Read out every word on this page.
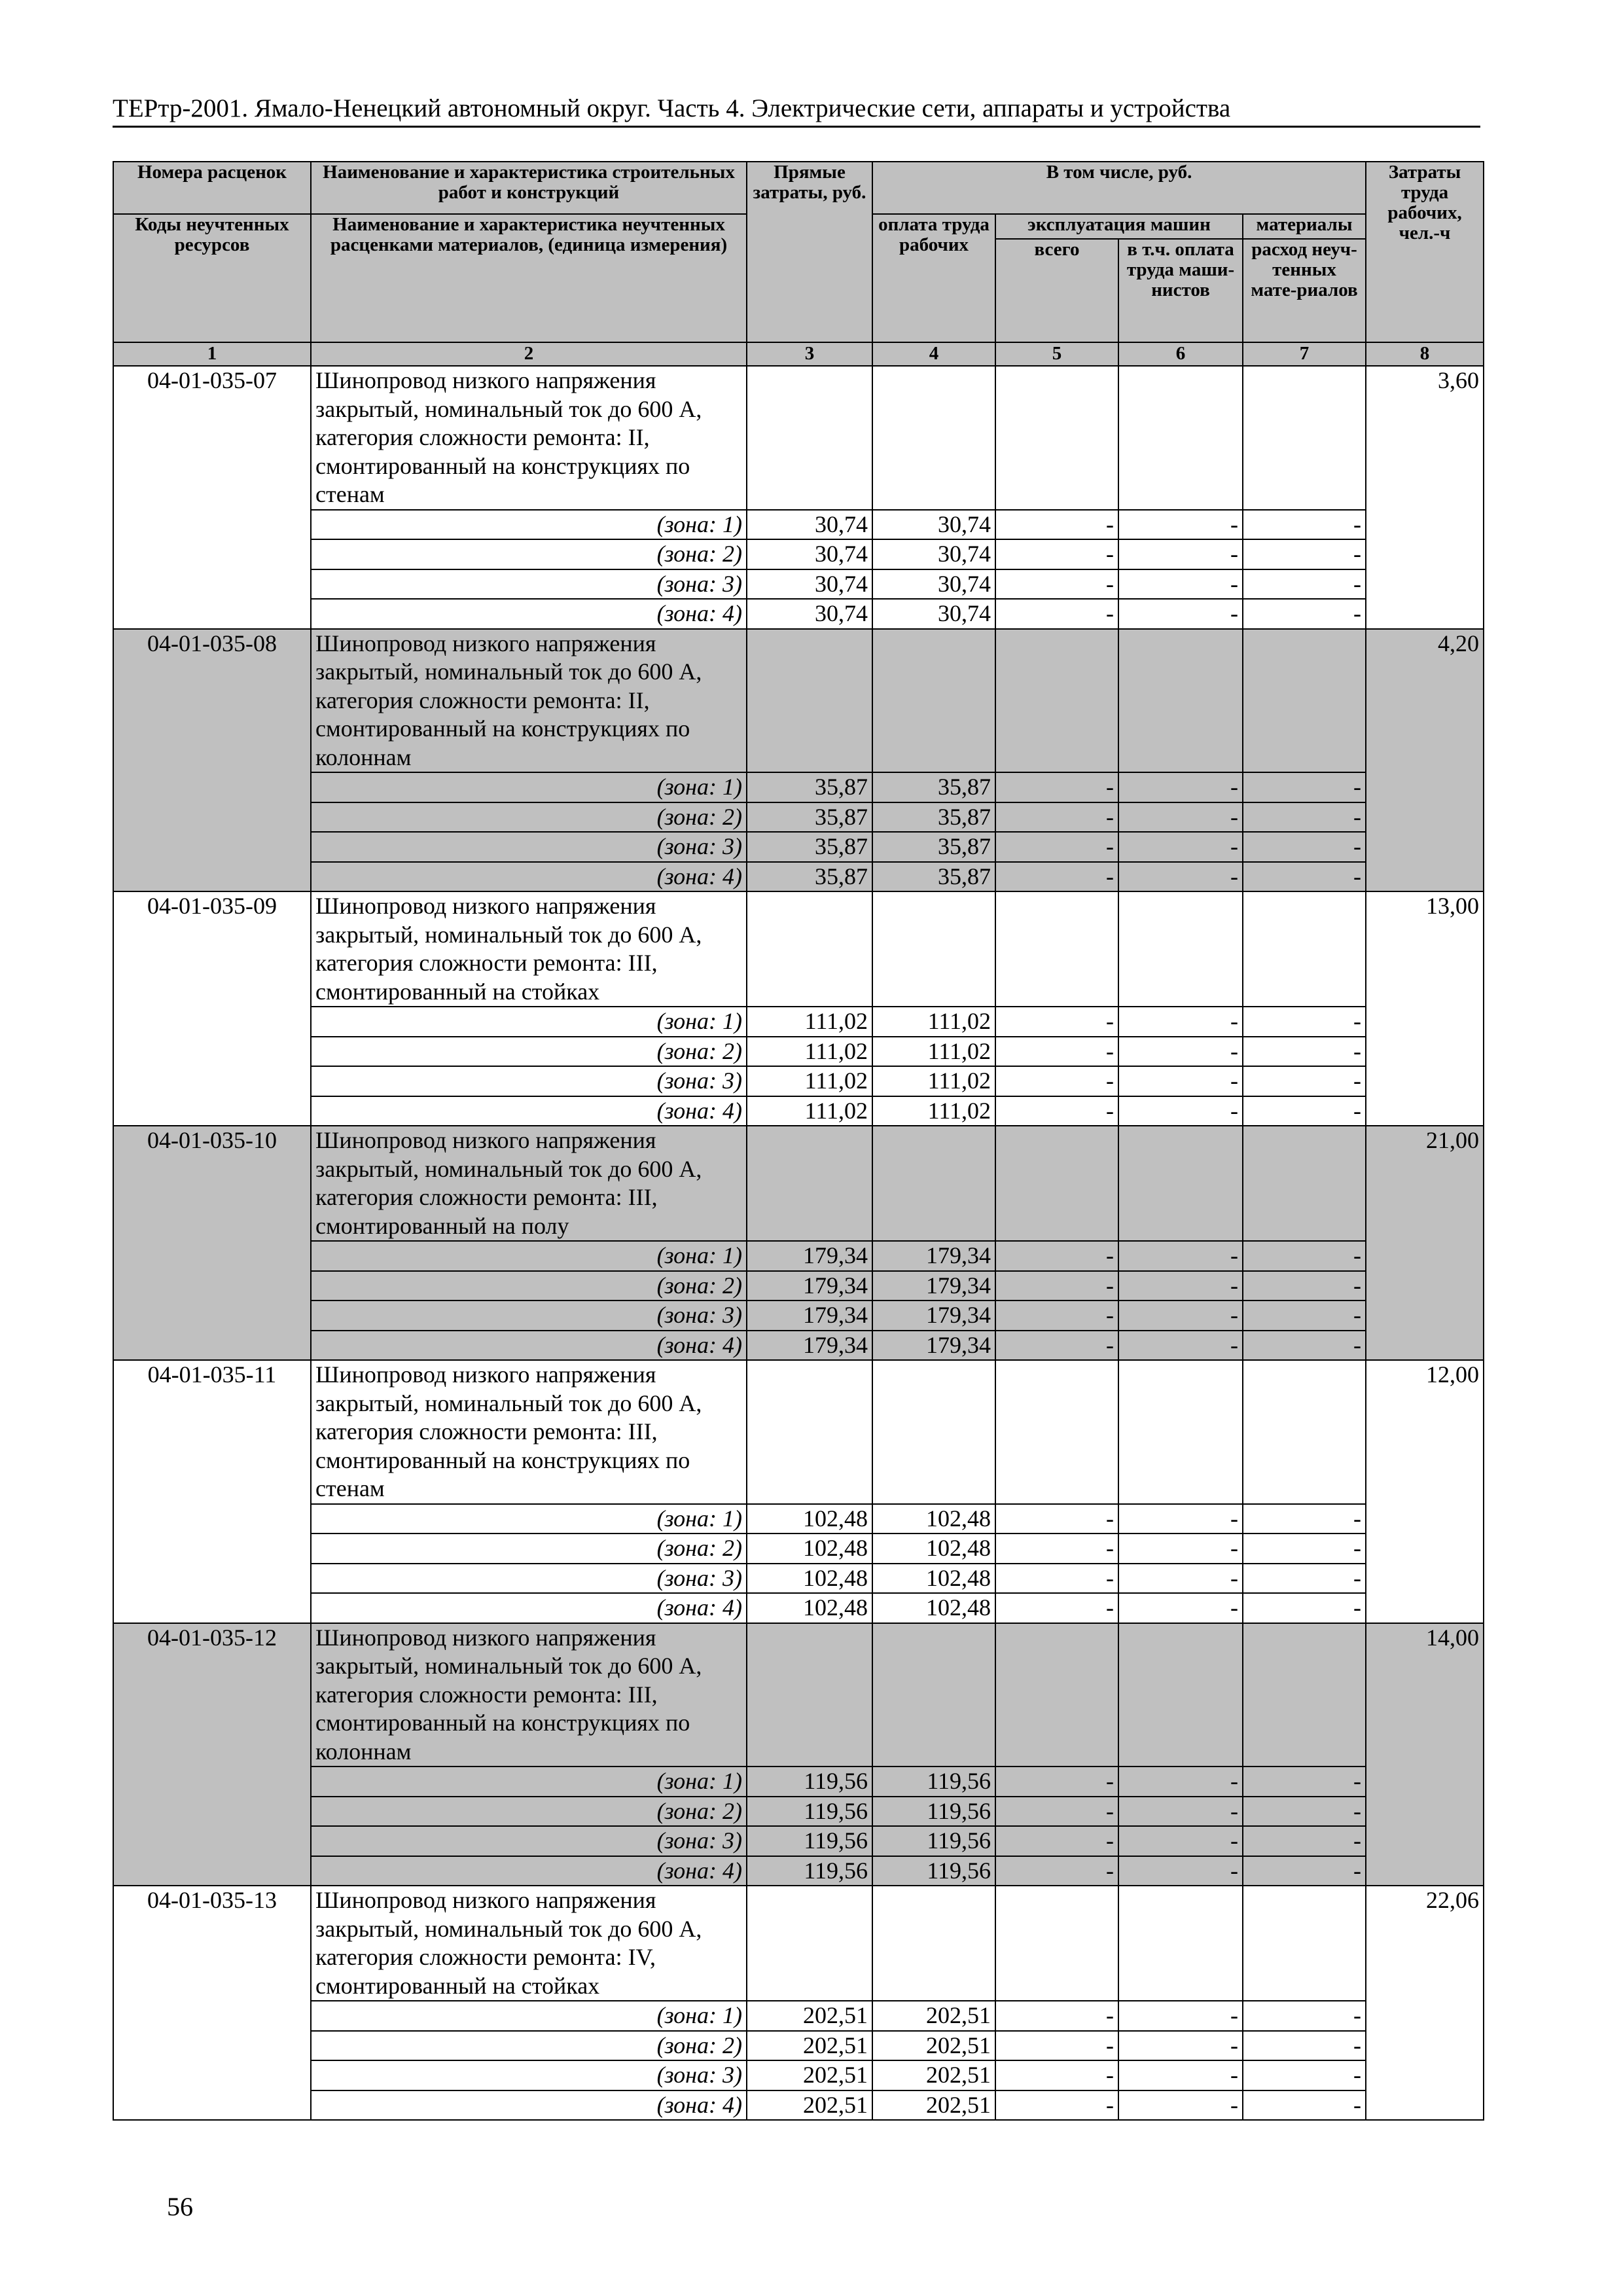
ТЕРтр-2001. Ямало-Ненецкий автономный округ. Часть 4. Электрические сети, аппараты и устройства
Номера расценок	Наименование и характеристика строительных работ и конструкций	Прямые затраты, руб.	В том числе, руб.				Затраты труда рабочих, чел.-ч
Коды неучтенных ресурсов	Наименование и характеристика неучтенных расценками материалов, (единица измерения)		оплата труда рабочих	эксплуатация машин		материалы	
				всего	в т.ч. оплата труда маши-нистов	расход неуч-тенных мате-риалов	
1	2	3	4	5	6	7	8
04-01-035-07	Шинопровод низкого напряжения закрытый, номинальный ток до 600 А, категория сложности ремонта: II, смонтированный на конструкциях по стенам						3,60
	(зона: 1)	30,74	30,74	-	-	-	
	(зона: 2)	30,74	30,74	-	-	-	
	(зона: 3)	30,74	30,74	-	-	-	
	(зона: 4)	30,74	30,74	-	-	-	
04-01-035-08	Шинопровод низкого напряжения закрытый, номинальный ток до 600 А, категория сложности ремонта: II, смонтированный на конструкциях по колоннам						4,20
	(зона: 1)	35,87	35,87	-	-	-	
	(зона: 2)	35,87	35,87	-	-	-	
	(зона: 3)	35,87	35,87	-	-	-	
	(зона: 4)	35,87	35,87	-	-	-	
04-01-035-09	Шинопровод низкого напряжения закрытый, номинальный ток до 600 А, категория сложности ремонта: III, смонтированный на стойках						13,00
	(зона: 1)	111,02	111,02	-	-	-	
	(зона: 2)	111,02	111,02	-	-	-	
	(зона: 3)	111,02	111,02	-	-	-	
	(зона: 4)	111,02	111,02	-	-	-	
04-01-035-10	Шинопровод низкого напряжения закрытый, номинальный ток до 600 А, категория сложности ремонта: III, смонтированный на полу						21,00
	(зона: 1)	179,34	179,34	-	-	-	
	(зона: 2)	179,34	179,34	-	-	-	
	(зона: 3)	179,34	179,34	-	-	-	
	(зона: 4)	179,34	179,34	-	-	-	
04-01-035-11	Шинопровод низкого напряжения закрытый, номинальный ток до 600 А, категория сложности ремонта: III, смонтированный на конструкциях по стенам						12,00
	(зона: 1)	102,48	102,48	-	-	-	
	(зона: 2)	102,48	102,48	-	-	-	
	(зона: 3)	102,48	102,48	-	-	-	
	(зона: 4)	102,48	102,48	-	-	-	
04-01-035-12	Шинопровод низкого напряжения закрытый, номинальный ток до 600 А, категория сложности ремонта: III, смонтированный на конструкциях по колоннам						14,00
	(зона: 1)	119,56	119,56	-	-	-	
	(зона: 2)	119,56	119,56	-	-	-	
	(зона: 3)	119,56	119,56	-	-	-	
	(зона: 4)	119,56	119,56	-	-	-	
04-01-035-13	Шинопровод низкого напряжения закрытый, номинальный ток до 600 А, категория сложности ремонта: IV, смонтированный на стойках						22,06
	(зона: 1)	202,51	202,51	-	-	-	
	(зона: 2)	202,51	202,51	-	-	-	
	(зона: 3)	202,51	202,51	-	-	-	
	(зона: 4)	202,51	202,51	-	-	-	
56
